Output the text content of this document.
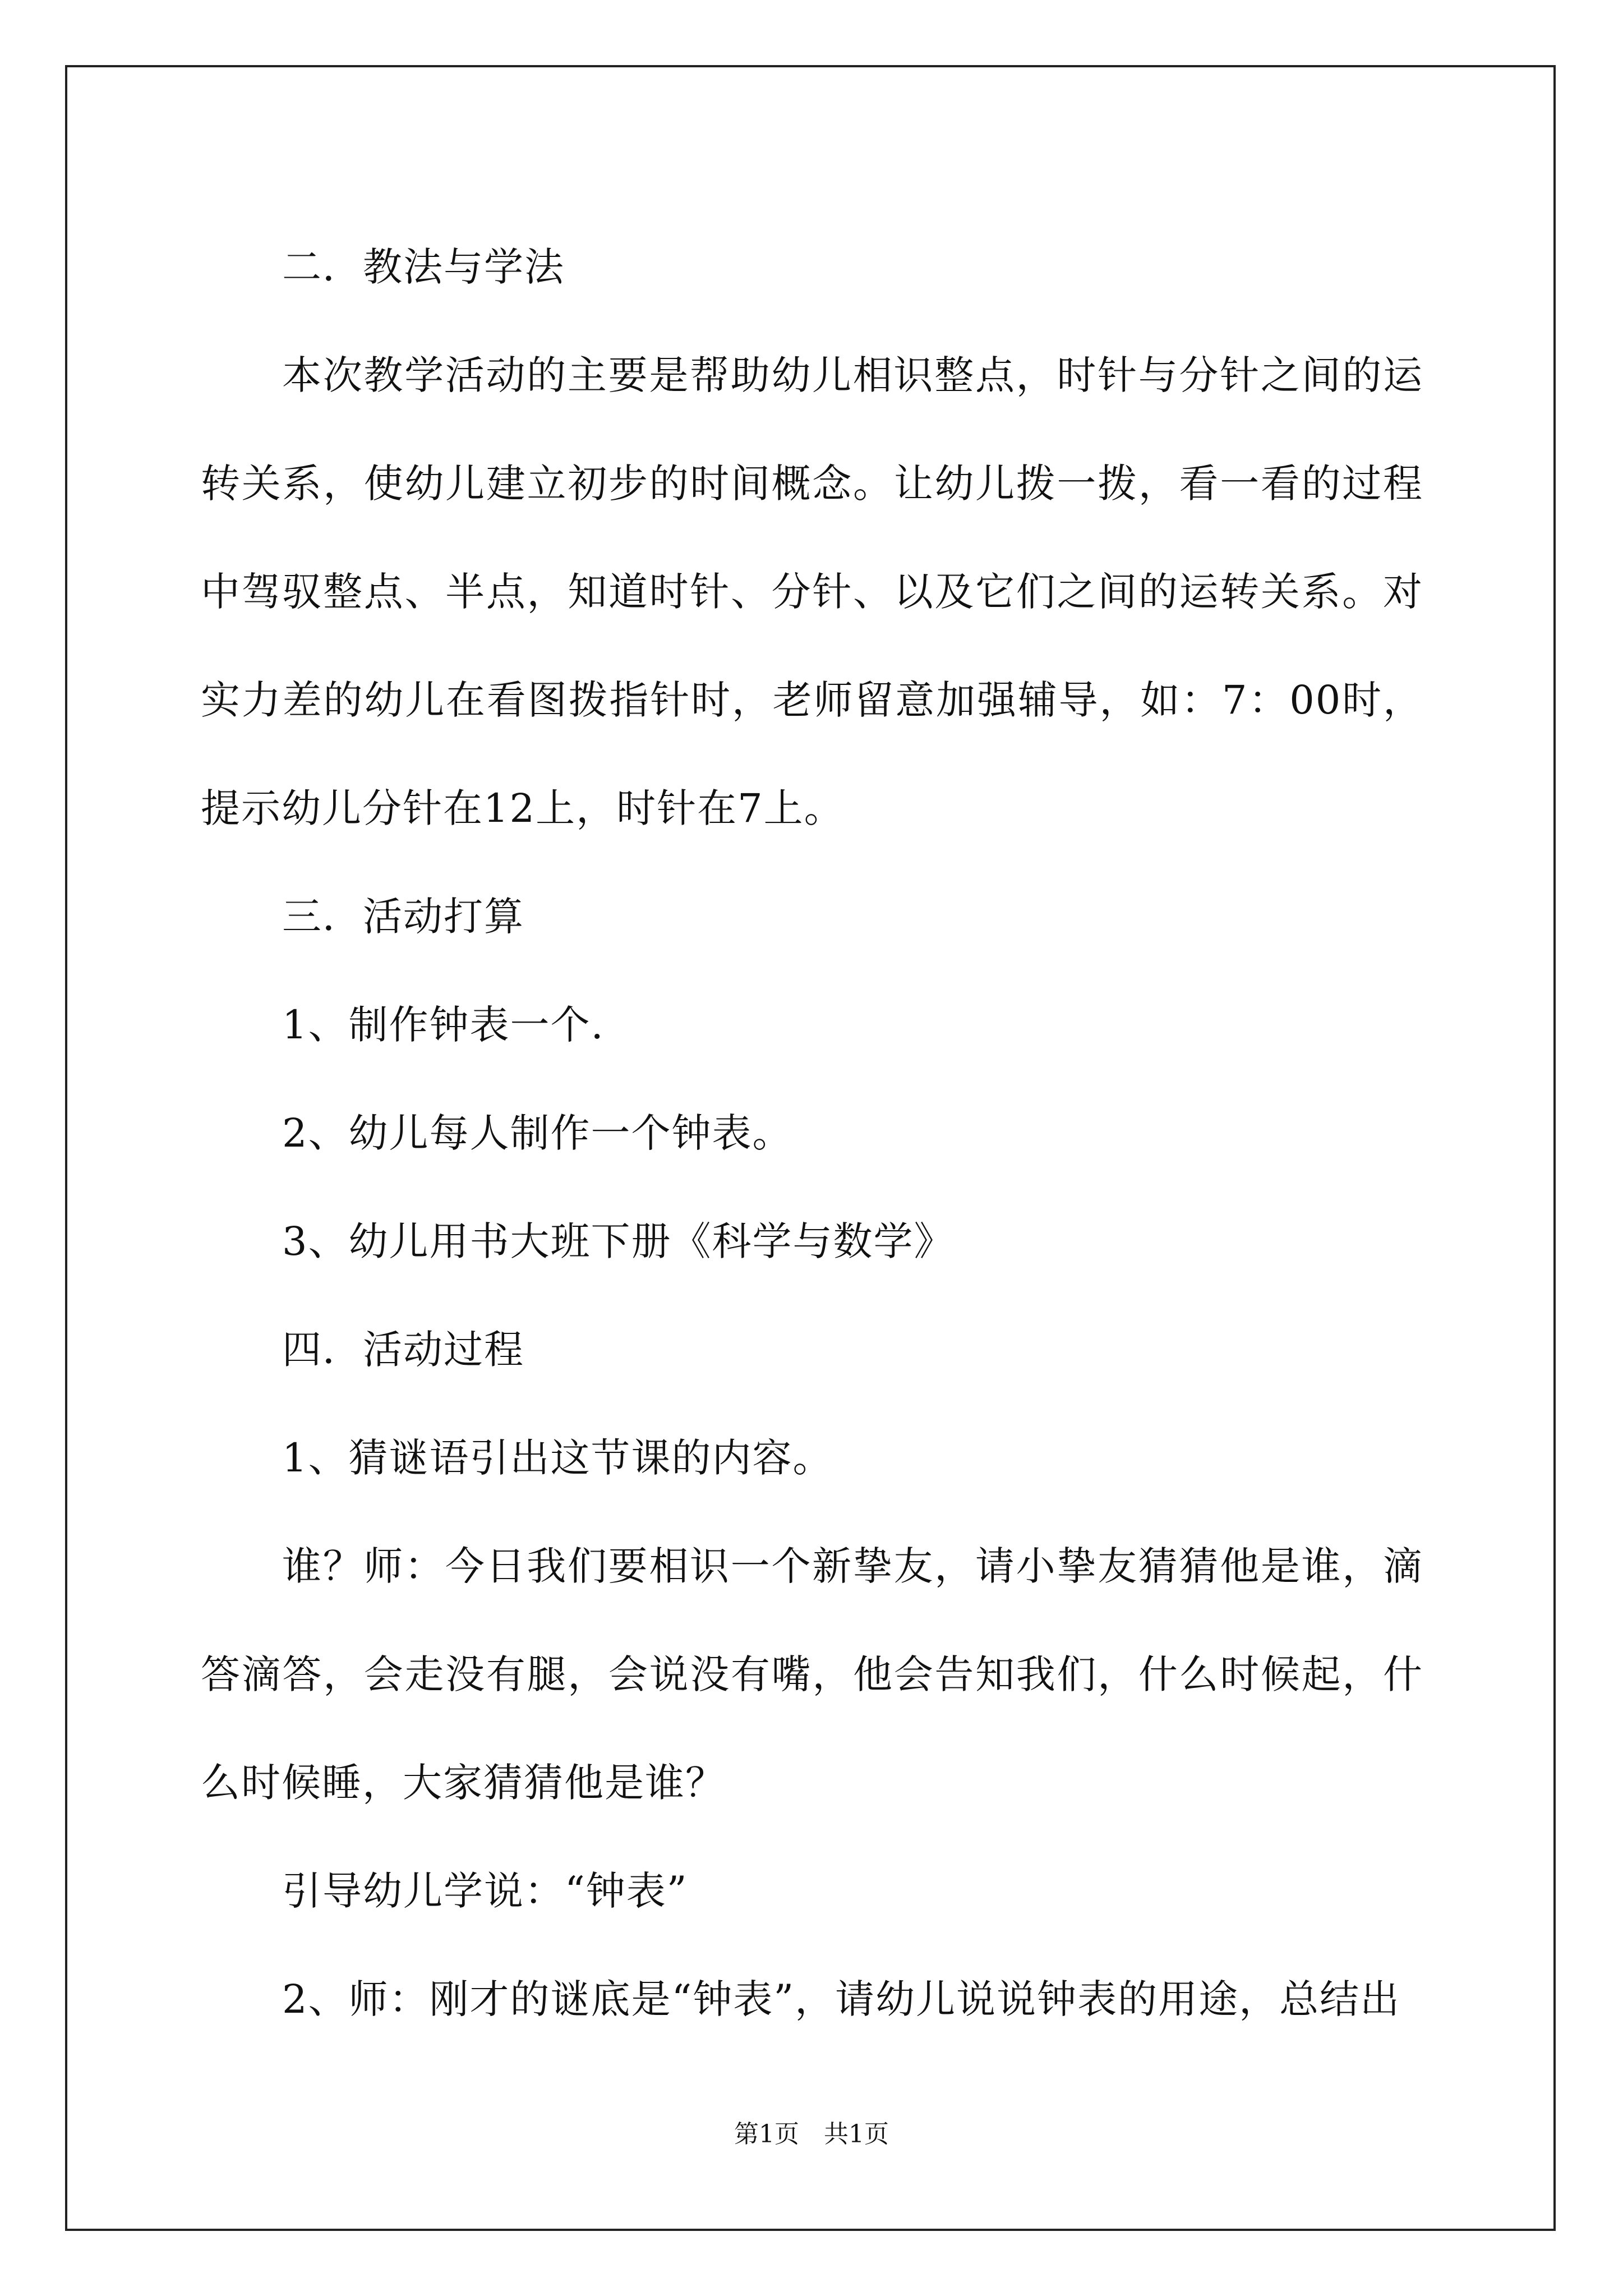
二．教法与学法

本次教学活动的主要是帮助幼儿相识整点，时针与分针之间的运转关系，使幼儿建立初步的时间概念。让幼儿拨一拨，看一看的过程中驾驭整点、半点，知道时针、分针、以及它们之间的运转关系。对实力差的幼儿在看图拨指针时，老师留意加强辅导，如：7：00时，提示幼儿分针在12上，时针在7上。

三．活动打算

1、制作钟表一个.

2、幼儿每人制作一个钟表。

3、幼儿用书大班下册《科学与数学》

四．活动过程

1、猜谜语引出这节课的内容。

谁？师：今日我们要相识一个新挚友，请小挚友猜猜他是谁，滴答滴答，会走没有腿，会说没有嘴，他会告知我们，什么时候起，什么时候睡，大家猜猜他是谁？

引导幼儿学说：“钟表”

2、师：刚才的谜底是“钟表”，请幼儿说说钟表的用途，总结出

第1页　共1页
